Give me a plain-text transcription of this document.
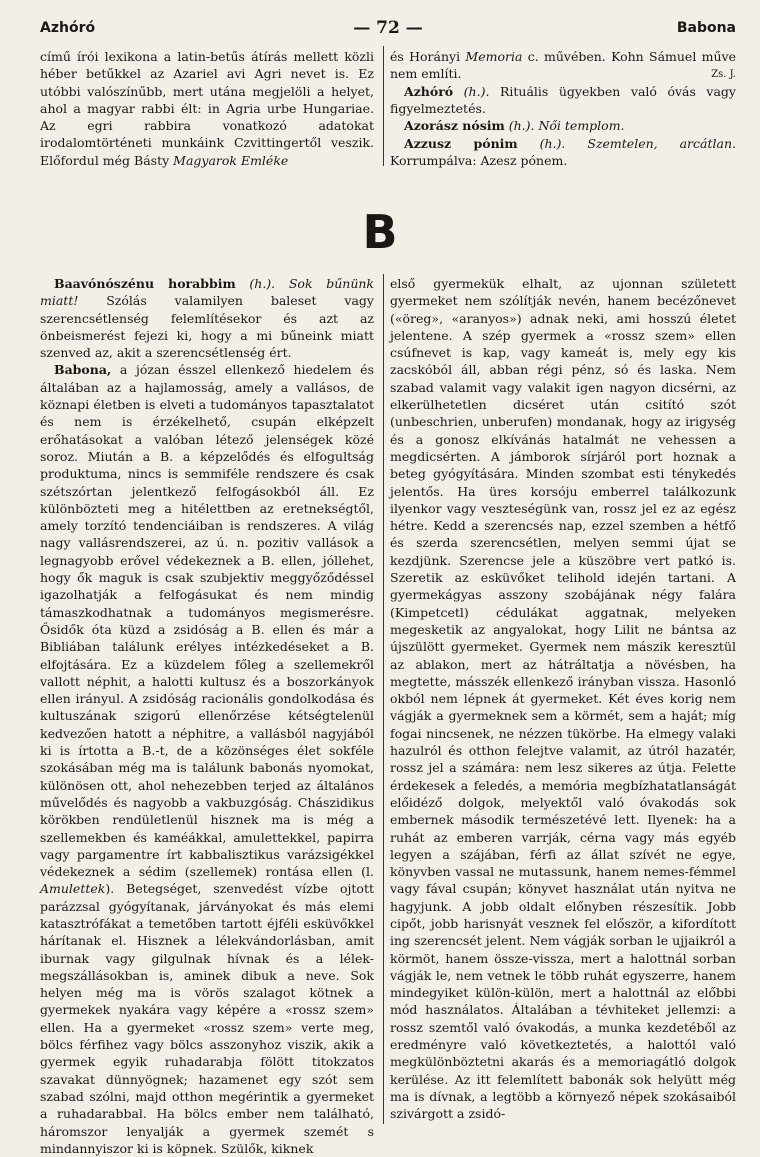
Azhóró	— 72 —	Babona

című írói lexikona a latin-betűs átírás mellett közli héber betűkkel az Azariel avi Agri nevet is. Ez utóbbi valószínűbb, mert utána megjelöli a helyet, ahol a magyar rabbi élt: in Agria urbe Hungariae. Az egri rabbira vonatkozó adatokat irodalomtörténeti munkáink Czvittingertől veszik. Előfordul még Básty Magyarok Emléke

és Horányi Memoria c. művében. Kohn Sámuel műve nem említi.	Zs. J.

Azhóró (h.). Rituális ügyekben való óvás vagy figyelmeztetés.

Azorász nósim (h.). Női templom.

Azzusz pónim (h.). Szemtelen, arcátlan. Korrumpálva: Azesz pónem.

B

Baavónószénu horabbim (h.). Sok bűnünk miatt! Szólás valamilyen baleset vagy szerencsétlenség felemlítésekor és azt az önbeismerést fejezi ki, hogy a mi bűneink miatt szenved az, akit a szerencsétlenség ért.

Babona, a józan ésszel ellenkező hiedelem és általában az a hajlamosság, amely a vallásos, de köznapi életben is elveti a tudományos tapasztalatot és nem is érzékelhető, csupán elképzelt erőhatásokat a valóban létező jelenségek közé soroz. Miután a B. a képzelődés és elfogultság produktuma, nincs is semmiféle rendszere és csak szétszórtan jelentkező felfogásokból áll. Ez különbözteti meg a hitélettben az eretnekségtől, amely torzító tendenciáiban is rendszeres. A világ nagy vallásrendszerei, az ú. n. pozitiv vallások a legnagyobb erővel védekeznek a B. ellen, jóllehet, hogy ők maguk is csak szubjektiv meggyőződéssel igazolhatják a felfogásukat és nem mindig támaszkodhatnak a tudományos megismerésre. Ősidők óta küzd a zsidóság a B. ellen és már a Bibliában találunk erélyes intézkedéseket a B. elfojtására. Ez a küzdelem főleg a szellemekről vallott néphit, a halotti kultusz és a boszorkányok ellen irányul. A zsidóság racionális gondolkodása és kultuszának szigorú ellenőrzése kétségtelenül kedvezően hatott a néphitre, a vallásból nagyjából ki is írtotta a B.-t, de a közönséges élet sokféle szokásában még ma is találunk babonás nyomokat, különösen ott, ahol nehezebben terjed az általános művelődés és nagyobb a vakbuzgóság. Chászidikus körökben rendületlenül hisznek ma is még a szellemekben és kaméákkal, amulettekkel, papirra vagy pargamentre írt kabbalisztikus varázsigékkel védekeznek a sédim (szellemek) rontása ellen (l. Amulettek). Betegséget, szenvedést vízbe ojtott parázzsal gyógyítanak, járványokat és más elemi katasztrófákat a temetőben tartott éjféli esküvőkkel hárítanak el. Hisznek a lélekvándorlásban, amit iburnak vagy gilgulnak hívnak és a lélek-megszállásokban is, aminek dibuk a neve. Sok helyen még ma is vörös szalagot kötnek a gyermekek nyakára vagy képére a «rossz szem» ellen. Ha a gyermeket «rossz szem» verte meg, bölcs férfihez vagy bölcs asszonyhoz viszik, akik a gyermek egyik ruhadarabja fölött titokzatos szavakat dünnyögnek; hazamenet egy szót sem szabad szólni, majd otthon megérintik a gyermeket a ruhadarabbal. Ha bölcs ember nem található, háromszor lenyalják a gyermek szemét s mindannyiszor ki is köpnek. Szülők, kiknek

első gyermekük elhalt, az ujonnan született gyermeket nem szólítják nevén, hanem becézőnevet («öreg», «aranyos») adnak neki, ami hosszú életet jelentene. A szép gyermek a «rossz szem» ellen csúfnevet is kap, vagy kameát is, mely egy kis zacskóból áll, abban régi pénz, só és laska. Nem szabad valamit vagy valakit igen nagyon dicsérni, az elkerülhetetlen dicséret után csitító szót (unbeschrien, unberufen) mondanak, hogy az irigység és a gonosz elkívánás hatalmát ne vehessen a megdicsérten. A jámborok sírjáról port hoznak a beteg gyógyítására. Minden szombat esti ténykedés jelentős. Ha üres korsóju emberrel találkozunk ilyenkor vagy veszteségünk van, rossz jel ez az egész hétre. Kedd a szerencsés nap, ezzel szemben a hétfő és szerda szerencsétlen, melyen semmi újat se kezdjünk. Szerencse jele a küszöbre vert patkó is. Szeretik az esküvőket telihold idején tartani. A gyermekágyas asszony szobájának négy falára (Kimpetcetl) cédulákat aggatnak, melyeken megesketik az angyalokat, hogy Lilit ne bántsa az újszülött gyermeket. Gyermek nem mászik keresztül az ablakon, mert az hátráltatja a növésben, ha megtette, másszék ellenkező irányban vissza. Hasonló okból nem lépnek át gyermeket. Két éves korig nem vágják a gyermeknek sem a körmét, sem a haját; míg fogai nincsenek, ne nézzen tükörbe. Ha elmegy valaki hazulról és otthon felejtve valamit, az útról hazatér, rossz jel a számára: nem lesz sikeres az útja. Felette érdekesek a feledés, a memória megbízhatatlanságát előidéző dolgok, melyektől való óvakodás sok embernek második természetévé lett. Ilyenek: ha a ruhát az emberen varrják, cérna vagy más egyéb legyen a szájában, férfi az állat szívét ne egye, könyvben vassal ne mutassunk, hanem nemes-fémmel vagy fával csupán; könyvet használat után nyitva ne hagyjunk. A jobb oldalt előnyben részesítik. Jobb cipőt, jobb harisnyát vesznek fel először, a kifordított ing szerencsét jelent. Nem vágják sorban le ujjaikról a körmöt, hanem össze-vissza, mert a halottnál sorban vágják le, nem vetnek le több ruhát egyszerre, hanem mindegyiket külön-külön, mert a halottnál az előbbi mód használatos. Általában a tévhiteket jellemzi: a rossz szemtől való óvakodás, a munka kezdetéből az eredményre való következtetés, a halottól való megkülönböztetni akarás és a memoriagátló dolgok kerülése. Az itt felemlített babonák sok helyütt még ma is dívnak, a legtöbb a környező népek szokásaiból szivárgott a zsidó-
